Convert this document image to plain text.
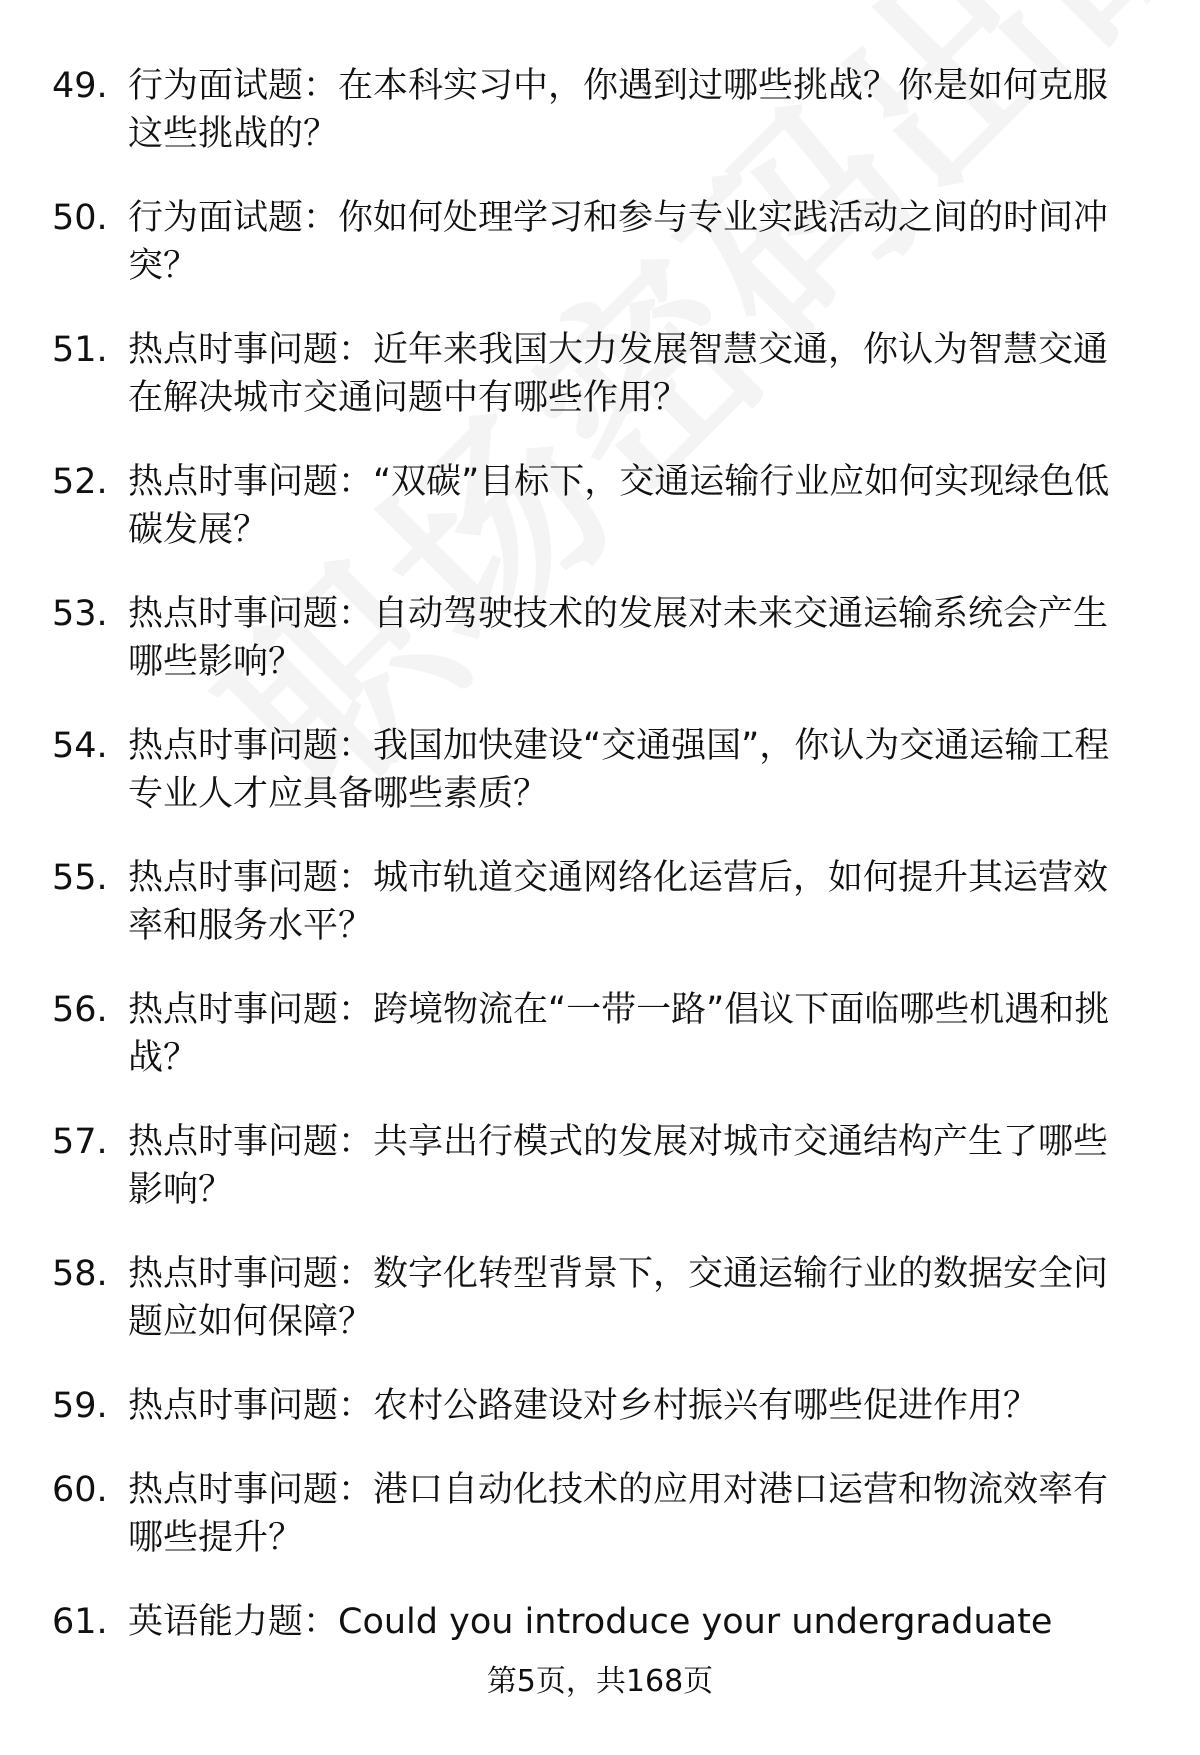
49. 行为面试题：在本科实习中，你遇到过哪些挑战？你是如何克服这些挑战的？
50. 行为面试题：你如何处理学习和参与专业实践活动之间的时间冲突？
51. 热点时事问题：近年来我国大力发展智慧交通，你认为智慧交通在解决城市交通问题中有哪些作用？
52. 热点时事问题：“双碳”目标下，交通运输行业应如何实现绿色低碳发展？
53. 热点时事问题：自动驾驶技术的发展对未来交通运输系统会产生哪些影响？
54. 热点时事问题：我国加快建设“交通强国”，你认为交通运输工程专业人才应具备哪些素质？
55. 热点时事问题：城市轨道交通网络化运营后，如何提升其运营效率和服务水平？
56. 热点时事问题：跨境物流在“一带一路”倡议下面临哪些机遇和挑战？
57. 热点时事问题：共享出行模式的发展对城市交通结构产生了哪些影响？
58. 热点时事问题：数字化转型背景下，交通运输行业的数据安全问题应如何保障？
59. 热点时事问题：农村公路建设对乡村振兴有哪些促进作用？
60. 热点时事问题：港口自动化技术的应用对港口运营和物流效率有哪些提升？
61. 英语能力题：Could you introduce your undergraduate
第5页，共168页
